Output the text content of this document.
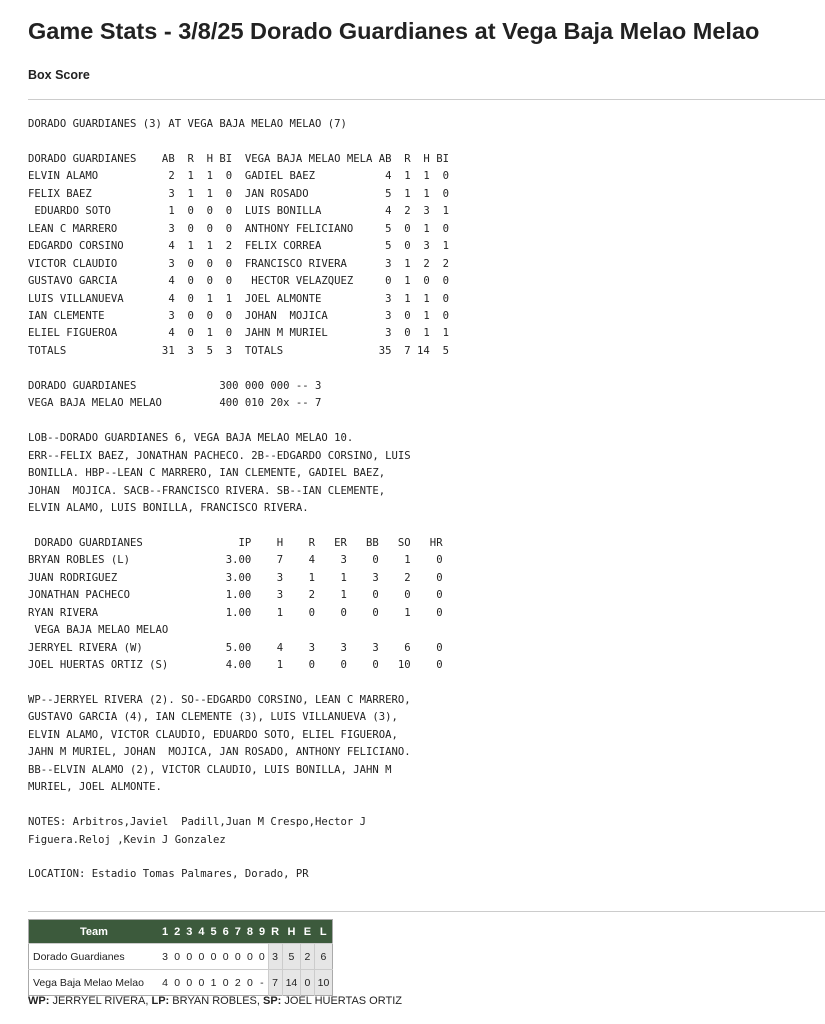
Game Stats - 3/8/25 Dorado Guardianes at Vega Baja Melao Melao
Box Score
DORADO GUARDIANES (3) AT VEGA BAJA MELAO MELAO (7)

DORADO GUARDIANES    AB  R  H BI  VEGA BAJA MELAO MELA AB  R  H BI
ELVIN ALAMO           2  1  1  0  GADIEL BAEZ           4  1  1  0
FELIX BAEZ            3  1  1  0  JAN ROSADO            5  1  1  0
EDUARDO SOTO         1  0  0  0  LUIS BONILLA          4  2  3  1
LEAN C MARRERO        3  0  0  0  ANTHONY FELICIANO     5  0  1  0
EDGARDO CORSINO       4  1  1  2  FELIX CORREA          5  0  3  1
VICTOR CLAUDIO        3  0  0  0  FRANCISCO RIVERA      3  1  2  2
GUSTAVO GARCIA        4  0  0  0   HECTOR VELAZQUEZ     0  1  0  0
LUIS VILLANUEVA       4  0  1  1  JOEL ALMONTE          3  1  1  0
IAN CLEMENTE          3  0  0  0  JOHAN  MOJICA         3  0  1  0
ELIEL FIGUEROA        4  0  1  0  JAHN M MURIEL         3  0  1  1
TOTALS               31  3  5  3  TOTALS               35  7 14  5

DORADO GUARDIANES             300 000 000 -- 3
VEGA BAJA MELAO MELAO         400 010 20x -- 7

LOB--DORADO GUARDIANES 6, VEGA BAJA MELAO MELAO 10.
ERR--FELIX BAEZ, JONATHAN PACHECO. 2B--EDGARDO CORSINO, LUIS
BONILLA. HBP--LEAN C MARRERO, IAN CLEMENTE, GADIEL BAEZ,
JOHAN  MOJICA. SACB--FRANCISCO RIVERA. SB--IAN CLEMENTE,
ELVIN ALAMO, LUIS BONILLA, FRANCISCO RIVERA.

DORADO GUARDIANES               IP    H    R   ER   BB   SO   HR
BRYAN ROBLES (L)               3.00    7    4    3    0    1    0
JUAN RODRIGUEZ                 3.00    3    1    1    3    2    0
JONATHAN PACHECO               1.00    3    2    1    0    0    0
RYAN RIVERA                    1.00    1    0    0    0    1    0
VEGA BAJA MELAO MELAO
JERRYEL RIVERA (W)             5.00    4    3    3    3    6    0
JOEL HUERTAS ORTIZ (S)         4.00    1    0    0    0   10    0

WP--JERRYEL RIVERA (2). SO--EDGARDO CORSINO, LEAN C MARRERO,
GUSTAVO GARCIA (4), IAN CLEMENTE (3), LUIS VILLANUEVA (3),
ELVIN ALAMO, VICTOR CLAUDIO, EDUARDO SOTO, ELIEL FIGUEROA,
JAHN M MURIEL, JOHAN  MOJICA, JAN ROSADO, ANTHONY FELICIANO.
BB--ELVIN ALAMO (2), VICTOR CLAUDIO, LUIS BONILLA, JAHN M
MURIEL, JOEL ALMONTE.

NOTES: Arbitros,Javiel  Padill,Juan M Crespo,Hector J
Figuera.Reloj ,Kevin J Gonzalez

LOCATION: Estadio Tomas Palmares, Dorado, PR
Team	1	2	3	4	5	6	7	8	9	R	H	E	L
Dorado Guardianes	3	0	0	0	0	0	0	0	0	3	5	2	6
Vega Baja Melao Melao	4	0	0	0	1	0	2	0	-	7	14	0	10
WP: JERRYEL RIVERA, LP: BRYAN ROBLES, SP: JOEL HUERTAS ORTIZ
